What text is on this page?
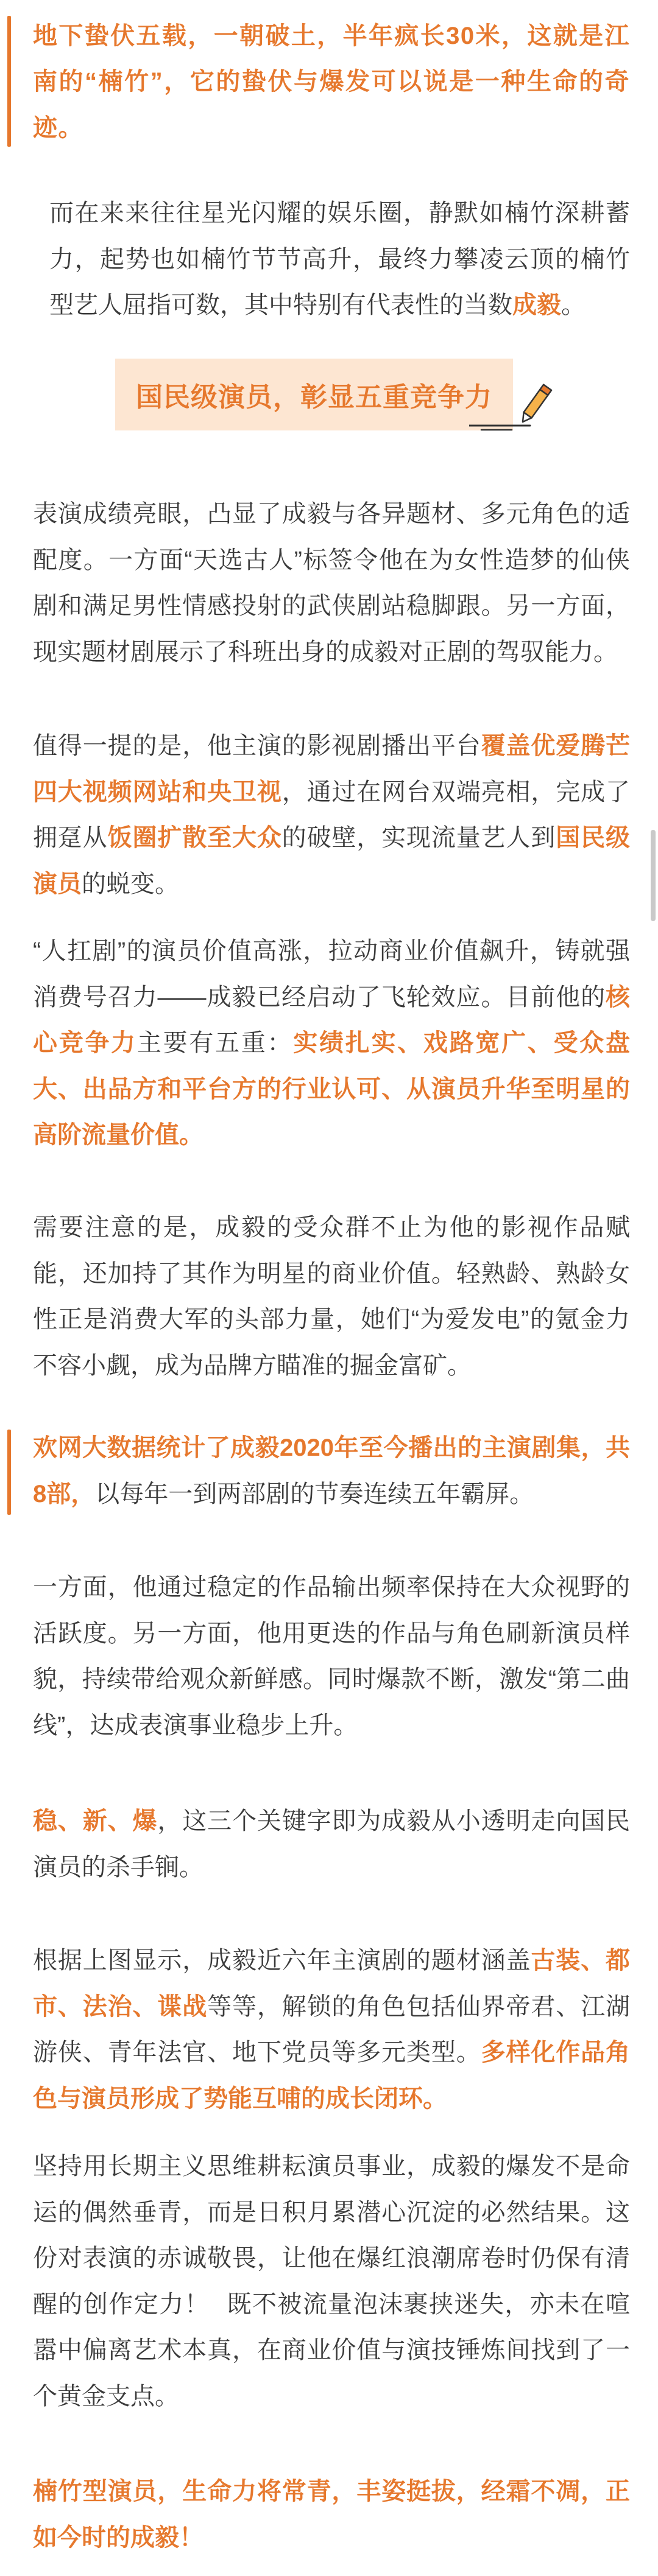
地下蛰伏五载，一朝破土，半年疯长30米，这就是江南的“楠竹”，它的蛰伏与爆发可以说是一种生命的奇迹。

而在来来往往星光闪耀的娱乐圈，静默如楠竹深耕蓄力，起势也如楠竹节节高升，最终力攀凌云顶的楠竹型艺人屈指可数，其中特别有代表性的当数成毅。

国民级演员，彰显五重竞争力

表演成绩亮眼，凸显了成毅与各异题材、多元角色的适配度。一方面“天选古人”标签令他在为女性造梦的仙侠剧和满足男性情感投射的武侠剧站稳脚跟。另一方面，现实题材剧展示了科班出身的成毅对正剧的驾驭能力。

值得一提的是，他主演的影视剧播出平台覆盖优爱腾芒四大视频网站和央卫视，通过在网台双端亮相，完成了拥趸从饭圈扩散至大众的破壁，实现流量艺人到国民级演员的蜕变。

“人扛剧”的演员价值高涨，拉动商业价值飙升，铸就强消费号召力——成毅已经启动了飞轮效应。目前他的核心竞争力主要有五重：实绩扎实、戏路宽广、受众盘大、出品方和平台方的行业认可、从演员升华至明星的高阶流量价值。

需要注意的是，成毅的受众群不止为他的影视作品赋能，还加持了其作为明星的商业价值。轻熟龄、熟龄女性正是消费大军的头部力量，她们“为爱发电”的氪金力不容小觑，成为品牌方瞄准的掘金富矿。

欢网大数据统计了成毅2020年至今播出的主演剧集，共8部，以每年一到两部剧的节奏连续五年霸屏。

一方面，他通过稳定的作品输出频率保持在大众视野的活跃度。另一方面，他用更迭的作品与角色刷新演员样貌，持续带给观众新鲜感。同时爆款不断，激发“第二曲线”，达成表演事业稳步上升。

稳、新、爆，这三个关键字即为成毅从小透明走向国民演员的杀手锏。

根据上图显示，成毅近六年主演剧的题材涵盖古装、都市、法治、谍战等等，解锁的角色包括仙界帝君、江湖游侠、青年法官、地下党员等多元类型。多样化作品角色与演员形成了势能互哺的成长闭环。

坚持用长期主义思维耕耘演员事业，成毅的爆发不是命运的偶然垂青，而是日积月累潜心沉淀的必然结果。这份对表演的赤诚敬畏，让他在爆红浪潮席卷时仍保有清醒的创作定力！ 既不被流量泡沫裹挟迷失，亦未在喧嚣中偏离艺术本真，在商业价值与演技锤炼间找到了一个黄金支点。

楠竹型演员，生命力将常青，丰姿挺拔，经霜不凋，正如今时的成毅！
